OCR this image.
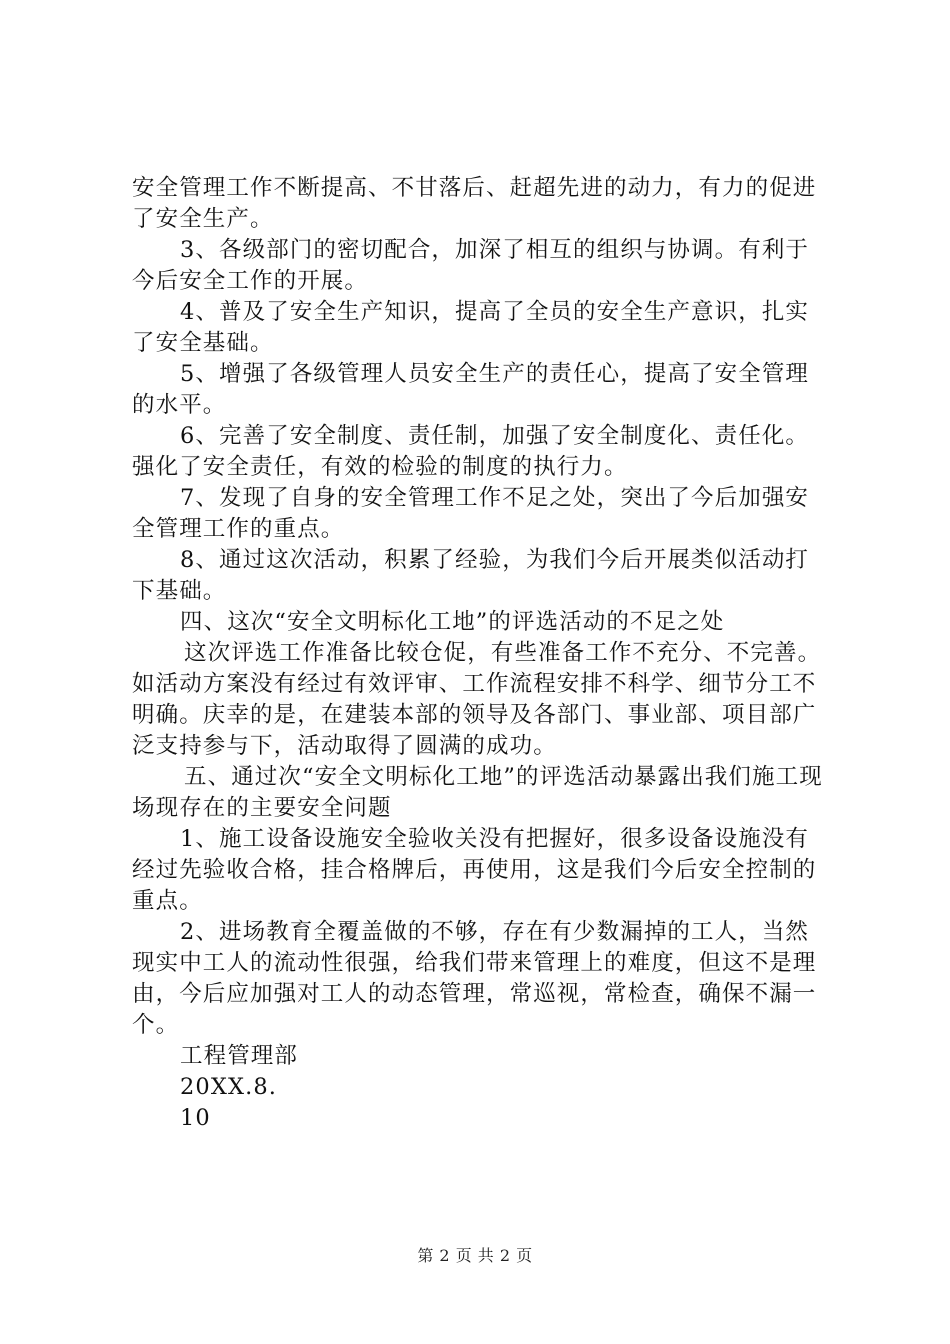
安全管理工作不断提高、不甘落后、赶超先进的动力，有力的促进了安全生产。

3、各级部门的密切配合，加深了相互的组织与协调。有利于今后安全工作的开展。

4、普及了安全生产知识，提高了全员的安全生产意识，扎实了安全基础。

5、增强了各级管理人员安全生产的责任心，提高了安全管理的水平。

6、完善了安全制度、责任制，加强了安全制度化、责任化。强化了安全责任，有效的检验的制度的执行力。

7、发现了自身的安全管理工作不足之处，突出了今后加强安全管理工作的重点。

8、通过这次活动，积累了经验，为我们今后开展类似活动打下基础。

四、这次“安全文明标化工地”的评选活动的不足之处

这次评选工作准备比较仓促，有些准备工作不充分、不完善。如活动方案没有经过有效评审、工作流程安排不科学、细节分工不明确。庆幸的是，在建装本部的领导及各部门、事业部、项目部广泛支持参与下，活动取得了圆满的成功。

五、通过次“安全文明标化工地”的评选活动暴露出我们施工现场现存在的主要安全问题

1、施工设备设施安全验收关没有把握好，很多设备设施没有经过先验收合格，挂合格牌后，再使用，这是我们今后安全控制的重点。

2、进场教育全覆盖做的不够，存在有少数漏掉的工人，当然现实中工人的流动性很强，给我们带来管理上的难度，但这不是理由，今后应加强对工人的动态管理，常巡视，常检查，确保不漏一个。

工程管理部

20XX.8.

10

第 2 页 共 2 页
